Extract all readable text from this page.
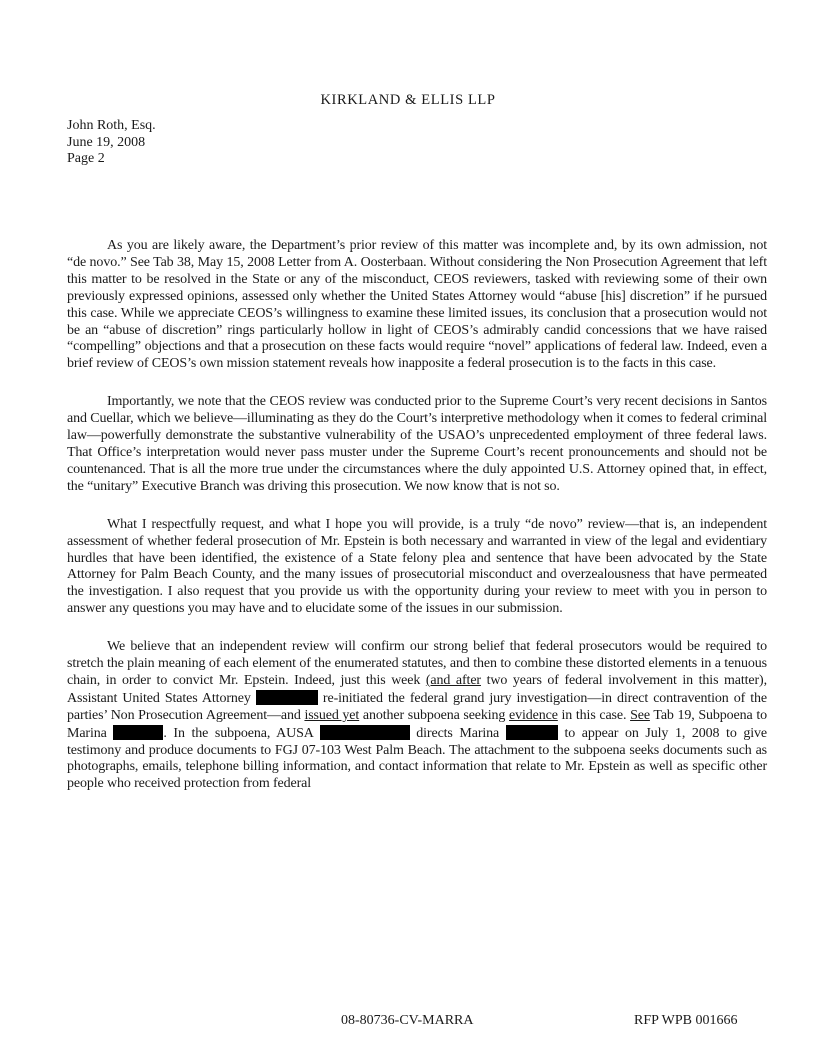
KIRKLAND & ELLIS LLP
John Roth, Esq.
June 19, 2008
Page 2

As you are likely aware, the Department’s prior review of this matter was incomplete and, by its own admission, not “de novo.” See Tab 38, May 15, 2008 Letter from A. Oosterbaan. Without considering the Non Prosecution Agreement that left this matter to be resolved in the State or any of the misconduct, CEOS reviewers, tasked with reviewing some of their own previously expressed opinions, assessed only whether the United States Attorney would “abuse [his] discretion” if he pursued this case. While we appreciate CEOS’s willingness to examine these limited issues, its conclusion that a prosecution would not be an “abuse of discretion” rings particularly hollow in light of CEOS’s admirably candid concessions that we have raised “compelling” objections and that a prosecution on these facts would require “novel” applications of federal law. Indeed, even a brief review of CEOS’s own mission statement reveals how inapposite a federal prosecution is to the facts in this case.

Importantly, we note that the CEOS review was conducted prior to the Supreme Court’s very recent decisions in Santos and Cuellar, which we believe—illuminating as they do the Court’s interpretive methodology when it comes to federal criminal law—powerfully demonstrate the substantive vulnerability of the USAO’s unprecedented employment of three federal laws. That Office’s interpretation would never pass muster under the Supreme Court’s recent pronouncements and should not be countenanced. That is all the more true under the circumstances where the duly appointed U.S. Attorney opined that, in effect, the “unitary” Executive Branch was driving this prosecution. We now know that is not so.

What I respectfully request, and what I hope you will provide, is a truly “de novo” review—that is, an independent assessment of whether federal prosecution of Mr. Epstein is both necessary and warranted in view of the legal and evidentiary hurdles that have been identified, the existence of a State felony plea and sentence that have been advocated by the State Attorney for Palm Beach County, and the many issues of prosecutorial misconduct and overzealousness that have permeated the investigation. I also request that you provide us with the opportunity during your review to meet with you in person to answer any questions you may have and to elucidate some of the issues in our submission.

We believe that an independent review will confirm our strong belief that federal prosecutors would be required to stretch the plain meaning of each element of the enumerated statutes, and then to combine these distorted elements in a tenuous chain, in order to convict Mr. Epstein. Indeed, just this week (and after two years of federal involvement in this matter), Assistant United States Attorney	re-initiated the federal grand jury investigation—in direct contravention of the parties’ Non Prosecution Agreement—and issued yet another subpoena seeking evidence in this case. See Tab 19, Subpoena to Marina	. In the subpoena, AUSA	directs Marina	to appear on July 1, 2008 to give testimony and produce documents to FGJ 07-103 West Palm Beach. The attachment to the subpoena seeks documents such as photographs, emails, telephone billing information, and contact information that relate to Mr. Epstein as well as specific other people who received protection from federal

08-80736-CV-MARRA	RFP WPB 001666
